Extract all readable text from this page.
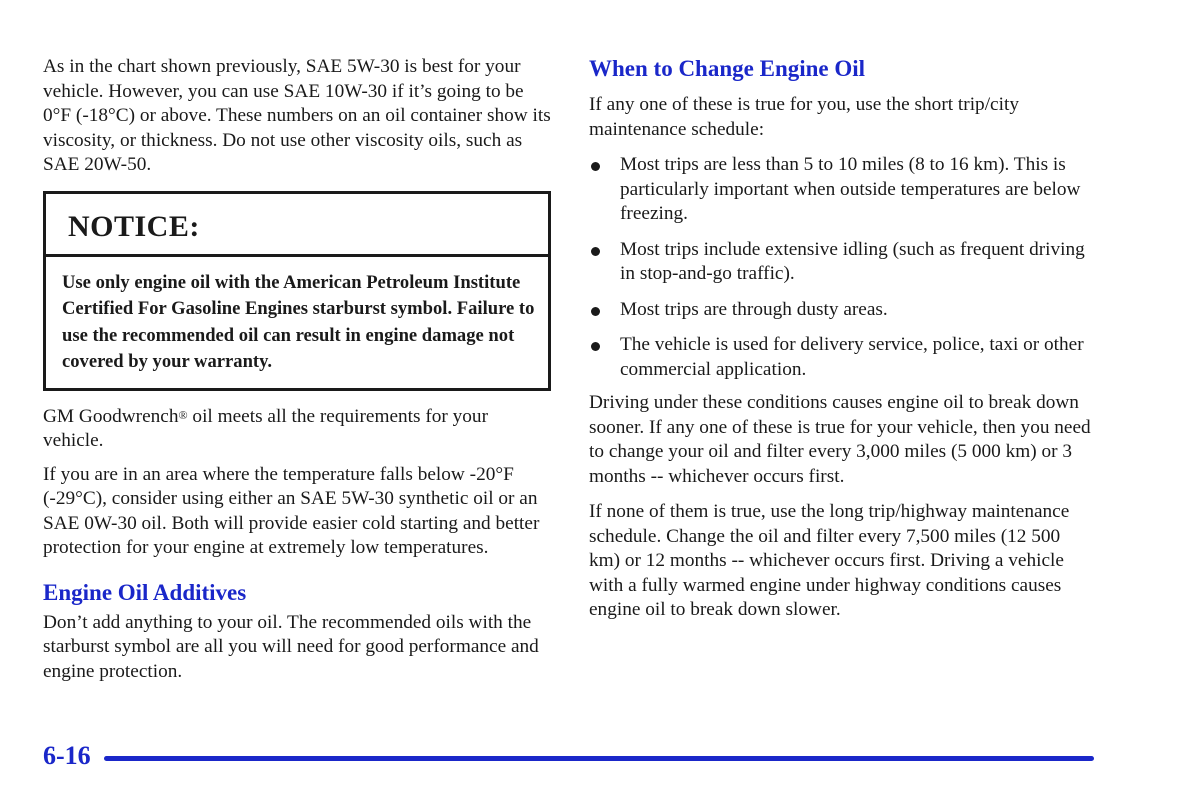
As in the chart shown previously, SAE 5W-30 is best for your vehicle. However, you can use SAE 10W-30 if it’s going to be 0°F (-18°C) or above. These numbers on an oil container show its viscosity, or thickness. Do not use other viscosity oils, such as SAE 20W-50.

NOTICE:
Use only engine oil with the American Petroleum Institute Certified For Gasoline Engines starburst symbol. Failure to use the recommended oil can result in engine damage not covered by your warranty.

GM Goodwrench® oil meets all the requirements for your vehicle.

If you are in an area where the temperature falls below -20°F (-29°C), consider using either an SAE 5W-30 synthetic oil or an SAE 0W-30 oil. Both will provide easier cold starting and better protection for your engine at extremely low temperatures.

Engine Oil Additives

Don’t add anything to your oil. The recommended oils with the starburst symbol are all you will need for good performance and engine protection.

When to Change Engine Oil

If any one of these is true for you, use the short trip/city maintenance schedule:

Most trips are less than 5 to 10 miles (8 to 16 km). This is particularly important when outside temperatures are below freezing.
Most trips include extensive idling (such as frequent driving in stop-and-go traffic).
Most trips are through dusty areas.
The vehicle is used for delivery service, police, taxi or other commercial application.

Driving under these conditions causes engine oil to break down sooner. If any one of these is true for your vehicle, then you need to change your oil and filter every 3,000 miles (5 000 km) or 3 months -- whichever occurs first.

If none of them is true, use the long trip/highway maintenance schedule. Change the oil and filter every 7,500 miles (12 500 km) or 12 months -- whichever occurs first. Driving a vehicle with a fully warmed engine under highway conditions causes engine oil to break down slower.

6-16
